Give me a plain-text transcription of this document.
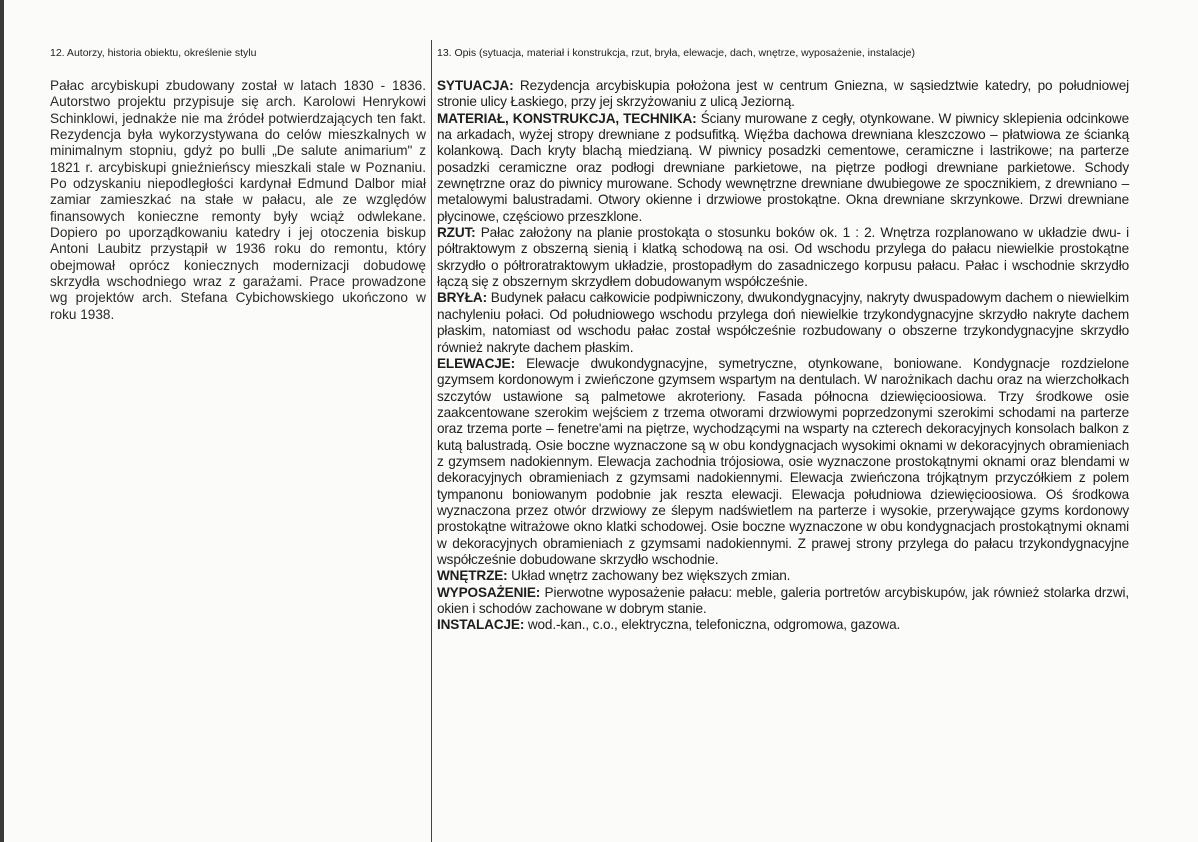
12. Autorzy, historia obiektu, określenie stylu	13. Opis (sytuacja, materiał i konstrukcja, rzut, bryła, elewacje, dach, wnętrze, wyposażenie, instalacje)

Pałac arcybiskupi zbudowany został w latach 1830 - 1836. Autorstwo projektu przypisuje się arch. Karolowi Henrykowi Schinklowi, jednakże nie ma źródeł potwierdzających ten fakt. Rezydencja była wykorzystywana do celów mieszkalnych w minimalnym stopniu, gdyż po bulli „De salute animarium" z 1821 r. arcybiskupi gnieźnieńscy mieszkali stale w Poznaniu. Po odzyskaniu niepodległości kardynał Edmund Dalbor miał zamiar zamieszkać na stałe w pałacu, ale ze względów finansowych konieczne remonty były wciąż odwlekane. Dopiero po uporządkowaniu katedry i jej otoczenia biskup Antoni Laubitz przystąpił w 1936 roku do remontu, który obejmował oprócz koniecznych modernizacji dobudowę skrzydła wschodniego wraz z garażami. Prace prowadzone wg projektów arch. Stefana Cybichowskiego ukończono w roku 1938.

SYTUACJA: Rezydencja arcybiskupia położona jest w centrum Gniezna, w sąsiedztwie katedry, po południowej stronie ulicy Łaskiego, przy jej skrzyżowaniu z ulicą Jeziorną.

MATERIAŁ, KONSTRUKCJA, TECHNIKA: Ściany murowane z cegły, otynkowane. W piwnicy sklepienia odcinkowe na arkadach, wyżej stropy drewniane z podsufitką. Więźba dachowa drewniana kleszczowo – płatwiowa ze ścianką kolankową. Dach kryty blachą miedzianą. W piwnicy posadzki cementowe, ceramiczne i lastrikowe; na parterze posadzki ceramiczne oraz podłogi drewniane parkietowe, na piętrze podłogi drewniane parkietowe. Schody zewnętrzne oraz do piwnicy murowane. Schody wewnętrzne drewniane dwubiegowe ze spocznikiem, z drewniano – metalowymi balustradami. Otwory okienne i drzwiowe prostokątne. Okna drewniane skrzynkowe. Drzwi drewniane płycinowe, częściowo przeszklone.

RZUT: Pałac założony na planie prostokąta o stosunku boków ok. 1 : 2. Wnętrza rozplanowano w układzie dwu- i półtraktowym z obszerną sienią i klatką schodową na osi. Od wschodu przylega do pałacu niewielkie prostokątne skrzydło o półtroratraktowym układzie, prostopadłym do zasadniczego korpusu pałacu. Pałac i wschodnie skrzydło łączą się z obszernym skrzydłem dobudowanym współcześnie.

BRYŁA: Budynek pałacu całkowicie podpiwniczony, dwukondygnacyjny, nakryty dwuspadowym dachem o niewielkim nachyleniu połaci. Od południowego wschodu przylega doń niewielkie trzykondygnacyjne skrzydło nakryte dachem płaskim, natomiast od wschodu pałac został współcześnie rozbudowany o obszerne trzykondygnacyjne skrzydło również nakryte dachem płaskim.

ELEWACJE: Elewacje dwukondygnacyjne, symetryczne, otynkowane, boniowane. Kondygnacje rozdzielone gzymsem kordonowym i zwieńczone gzymsem wspartym na dentulach. W narożnikach dachu oraz na wierzchołkach szczytów ustawione są palmetowe akroteriony. Fasada północna dziewięcioosiowa. Trzy środkowe osie zaakcentowane szerokim wejściem z trzema otworami drzwiowymi poprzedzonymi szerokimi schodami na parterze oraz trzema porte – fenetre'ami na piętrze, wychodzącymi na wsparty na czterech dekoracyjnych konsolach balkon z kutą balustradą. Osie boczne wyznaczone są w obu kondygnacjach wysokimi oknami w dekoracyjnych obramieniach z gzymsem nadokiennym. Elewacja zachodnia trójosiowa, osie wyznaczone prostokątnymi oknami oraz blendami w dekoracyjnych obramieniach z gzymsami nadokiennymi. Elewacja zwieńczona trójkątnym przyczółkiem z polem tympanonu boniowanym podobnie jak reszta elewacji. Elewacja południowa dziewięcioosiowa. Oś środkowa wyznaczona przez otwór drzwiowy ze ślepym nadświetlem na parterze i wysokie, przerywające gzyms kordonowy prostokątne witrażowe okno klatki schodowej. Osie boczne wyznaczone w obu kondygnacjach prostokątnymi oknami w dekoracyjnych obramieniach z gzymsami nadokiennymi. Z prawej strony przylega do pałacu trzykondygnacyjne współcześnie dobudowane skrzydło wschodnie.

WNĘTRZE: Układ wnętrz zachowany bez większych zmian.

WYPOSAŻENIE: Pierwotne wyposażenie pałacu: meble, galeria portretów arcybiskupów, jak również stolarka drzwi, okien i schodów zachowane w dobrym stanie.

INSTALACJE: wod.-kan., c.o., elektryczna, telefoniczna, odgromowa, gazowa.
